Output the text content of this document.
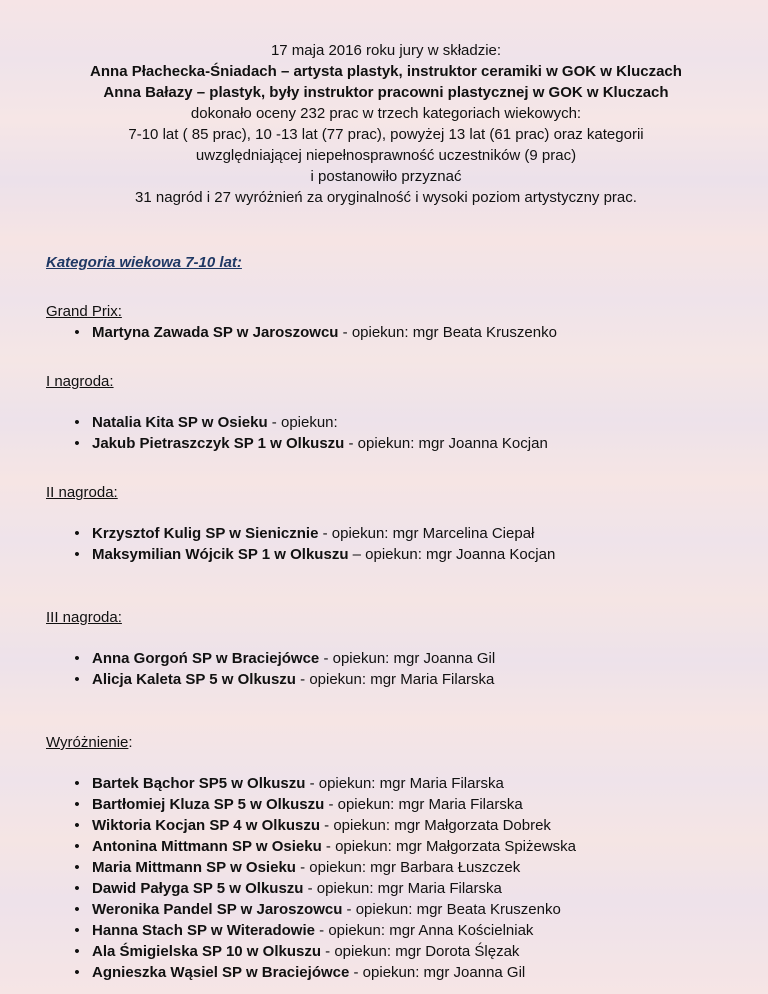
17 maja 2016 roku jury w składzie:

Anna Płachecka-Śniadach – artysta plastyk, instruktor ceramiki w GOK w Kluczach

Anna Bałazy – plastyk, były instruktor pracowni plastycznej w GOK w Kluczach

dokonało oceny 232 prac w trzech kategoriach wiekowych:

7-10 lat ( 85 prac), 10 -13 lat (77 prac), powyżej 13 lat (61 prac) oraz kategorii

uwzględniającej niepełnosprawność uczestników (9 prac)

i postanowiło przyznać

31 nagród i 27 wyróżnień za oryginalność i wysoki poziom artystyczny prac.

Kategoria wiekowa 7-10 lat:

Grand Prix:

• Martyna Zawada SP w Jaroszowcu - opiekun: mgr Beata Kruszenko

I nagroda:

• Natalia Kita SP w Osieku - opiekun:
• Jakub Pietraszczyk SP 1 w Olkuszu - opiekun: mgr Joanna Kocjan

II nagroda:

• Krzysztof Kulig SP w Sienicznie - opiekun: mgr Marcelina Ciepał
• Maksymilian Wójcik SP 1 w Olkuszu – opiekun: mgr Joanna Kocjan

III nagroda:

• Anna Gorgoń SP w Braciejówce - opiekun: mgr Joanna Gil
• Alicja Kaleta SP 5 w Olkuszu - opiekun: mgr Maria Filarska

Wyróżnienie:

• Bartek Bąchor SP5 w Olkuszu - opiekun: mgr Maria Filarska
• Bartłomiej Kluza SP 5 w Olkuszu - opiekun: mgr Maria Filarska
• Wiktoria Kocjan SP 4 w Olkuszu - opiekun: mgr Małgorzata Dobrek
• Antonina Mittmann SP w Osieku - opiekun: mgr Małgorzata Spiżewska
• Maria Mittmann SP w Osieku - opiekun: mgr Barbara Łuszczek
• Dawid Pałyga SP 5 w Olkuszu - opiekun: mgr Maria Filarska
• Weronika Pandel SP w Jaroszowcu - opiekun: mgr Beata Kruszenko
• Hanna Stach SP w Witeradowie - opiekun: mgr Anna Kościelniak
• Ala Śmigielska SP 10 w Olkuszu - opiekun: mgr Dorota Ślęzak
• Agnieszka Wąsiel SP w Braciejówce - opiekun: mgr Joanna Gil
